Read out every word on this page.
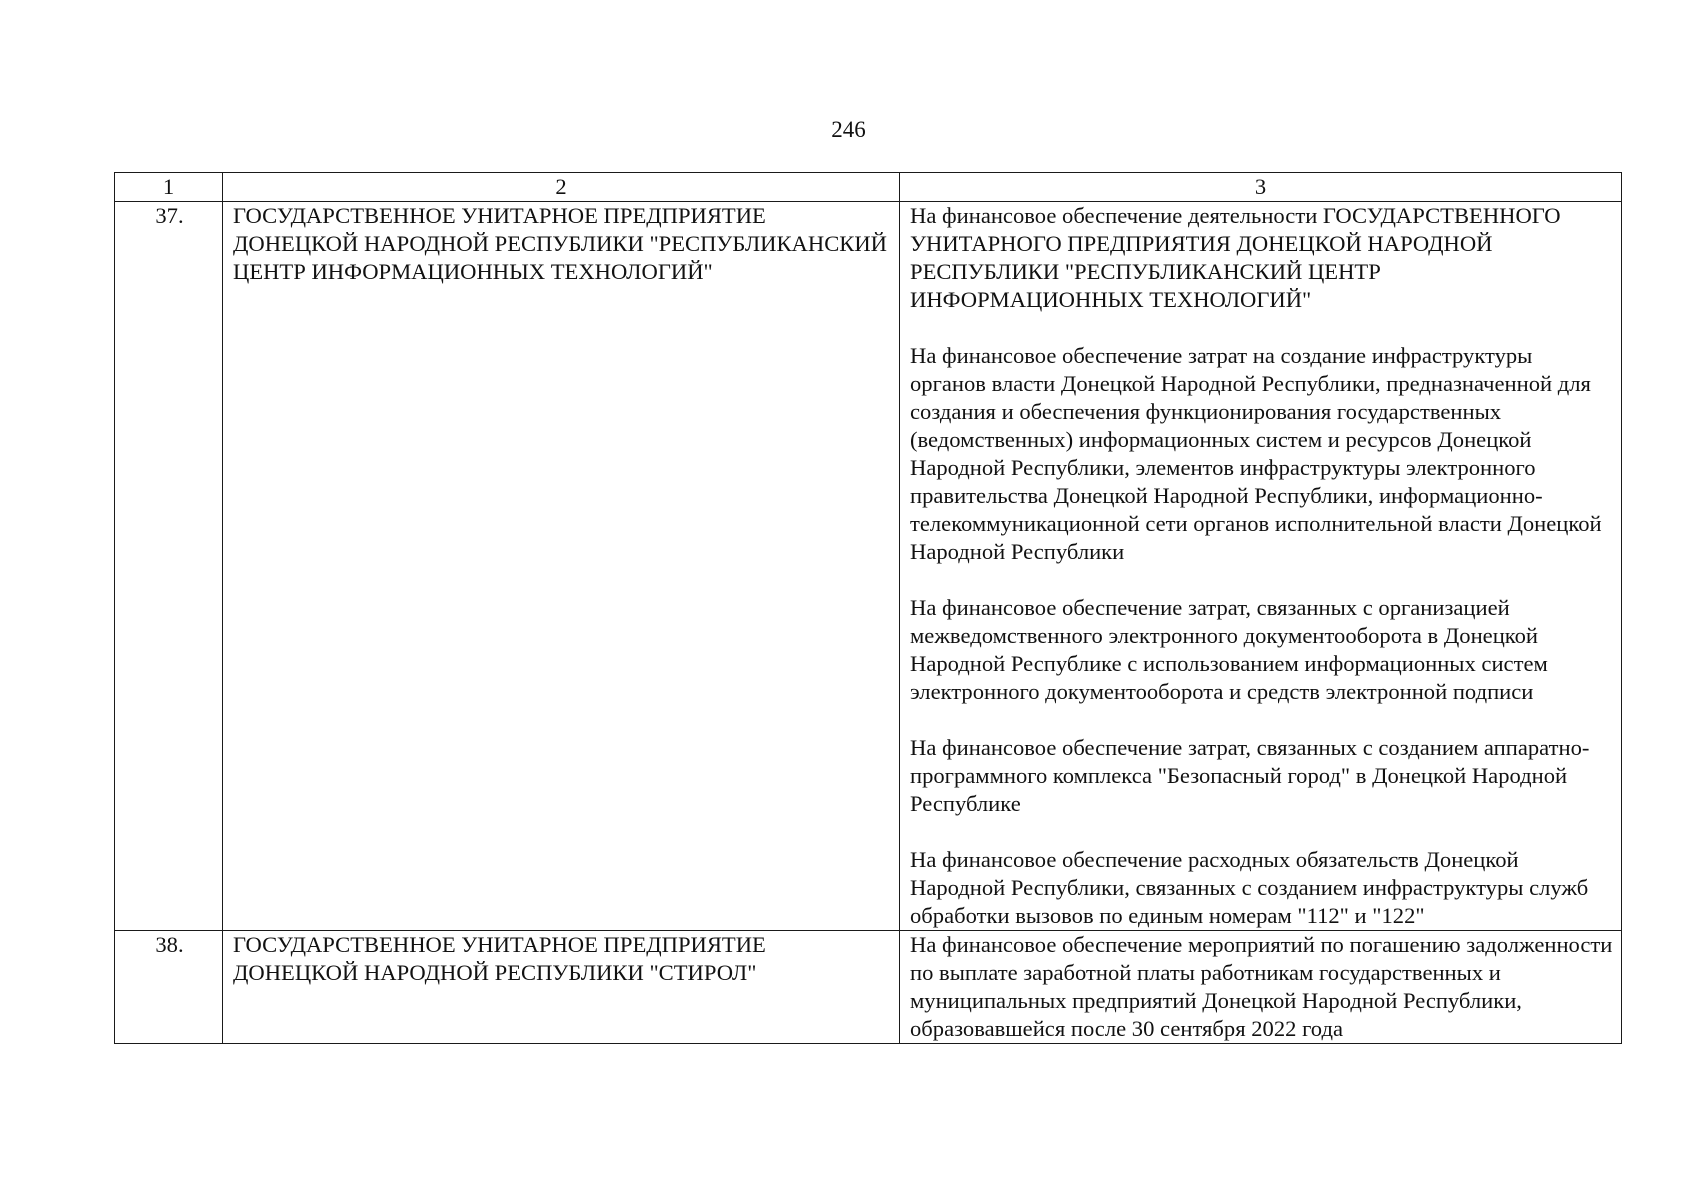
246
1	2	3
37.	ГОСУДАРСТВЕННОЕ УНИТАРНОЕ ПРЕДПРИЯТИЕ ДОНЕЦКОЙ НАРОДНОЙ РЕСПУБЛИКИ "РЕСПУБЛИКАНСКИЙ ЦЕНТР ИНФОРМАЦИОННЫХ ТЕХНОЛОГИЙ"	На финансовое обеспечение деятельности ГОСУДАРСТВЕННОГО УНИТАРНОГО ПРЕДПРИЯТИЯ ДОНЕЦКОЙ НАРОДНОЙ РЕСПУБЛИКИ "РЕСПУБЛИКАНСКИЙ ЦЕНТР ИНФОРМАЦИОННЫХ ТЕХНОЛОГИЙ"

На финансовое обеспечение затрат на создание инфраструктуры органов власти Донецкой Народной Республики, предназначенной для создания и обеспечения функционирования государственных (ведомственных) информационных систем и ресурсов Донецкой Народной Республики, элементов инфраструктуры электронного правительства Донецкой Народной Республики, информационно-телекоммуникационной сети органов исполнительной власти Донецкой Народной Республики

На финансовое обеспечение затрат, связанных с организацией межведомственного электронного документооборота в Донецкой Народной Республике с использованием информационных систем электронного документооборота и средств электронной подписи

На финансовое обеспечение затрат, связанных с созданием аппаратно-программного комплекса "Безопасный город" в Донецкой Народной Республике

На финансовое обеспечение расходных обязательств Донецкой Народной Республики, связанных с созданием инфраструктуры служб обработки вызовов по единым номерам "112" и "122"

38.	ГОСУДАРСТВЕННОЕ УНИТАРНОЕ ПРЕДПРИЯТИЕ ДОНЕЦКОЙ НАРОДНОЙ РЕСПУБЛИКИ "СТИРОЛ"	На финансовое обеспечение мероприятий по погашению задолженности по выплате заработной платы работникам государственных и муниципальных предприятий Донецкой Народной Республики, образовавшейся после 30 сентября 2022 года
